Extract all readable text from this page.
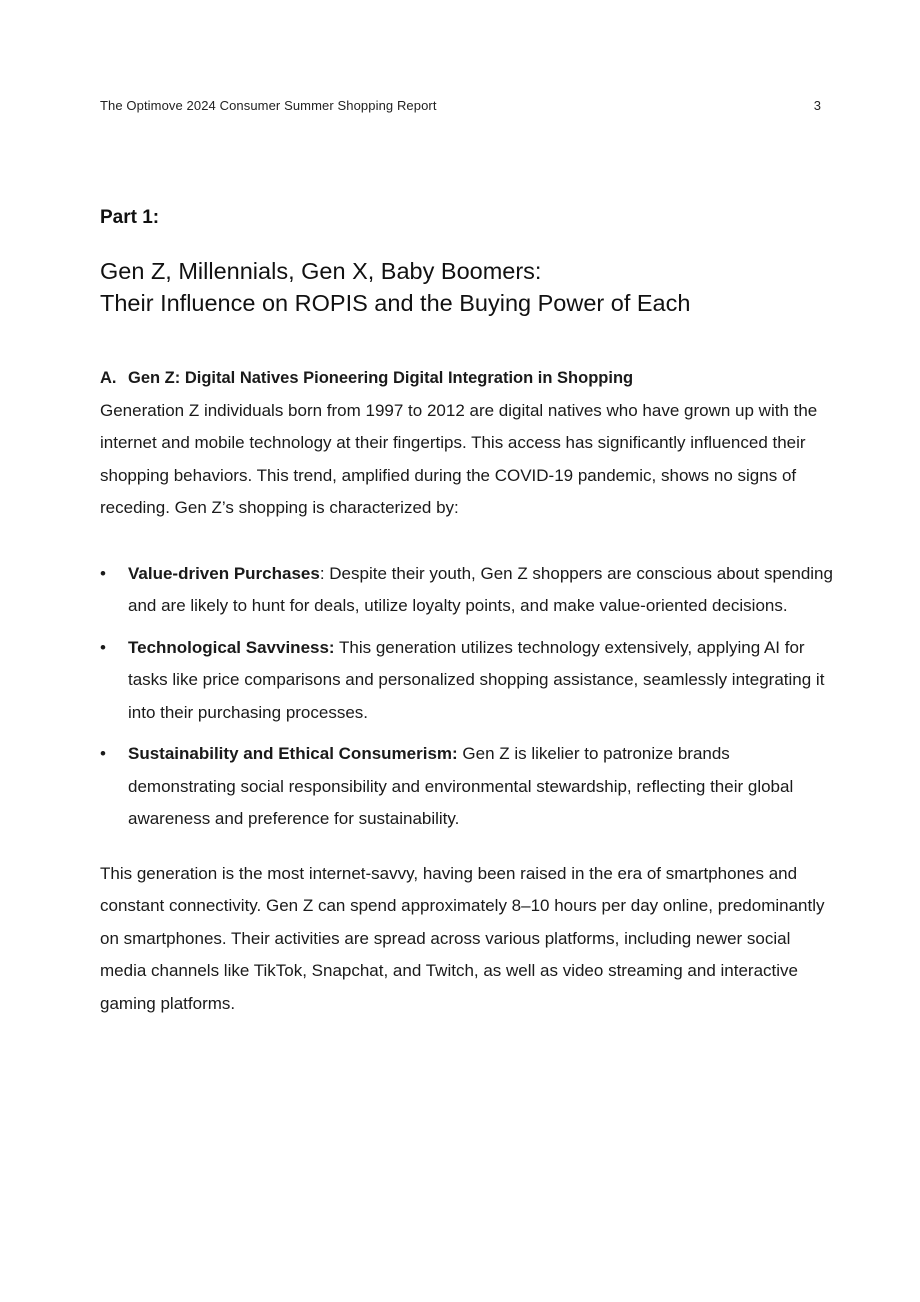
The Optimove 2024 Consumer Summer Shopping Report	3
Part 1:
Gen Z, Millennials, Gen X, Baby Boomers:
Their Influence on ROPIS and the Buying Power of Each

A. Gen Z: Digital Natives Pioneering Digital Integration in Shopping

Generation Z individuals born from 1997 to 2012 are digital natives who have grown up with the internet and mobile technology at their fingertips. This access has significantly influenced their shopping behaviors. This trend, amplified during the COVID-19 pandemic, shows no signs of receding. Gen Z’s shopping is characterized by:

• Value-driven Purchases: Despite their youth, Gen Z shoppers are conscious about spending and are likely to hunt for deals, utilize loyalty points, and make value-oriented decisions.
• Technological Savviness: This generation utilizes technology extensively, applying AI for tasks like price comparisons and personalized shopping assistance, seamlessly integrating it into their purchasing processes.
• Sustainability and Ethical Consumerism: Gen Z is likelier to patronize brands demonstrating social responsibility and environmental stewardship, reflecting their global awareness and preference for sustainability.

This generation is the most internet-savvy, having been raised in the era of smartphones and constant connectivity. Gen Z can spend approximately 8–10 hours per day online, predominantly on smartphones. Their activities are spread across various platforms, including newer social media channels like TikTok, Snapchat, and Twitch, as well as video streaming and interactive gaming platforms.
